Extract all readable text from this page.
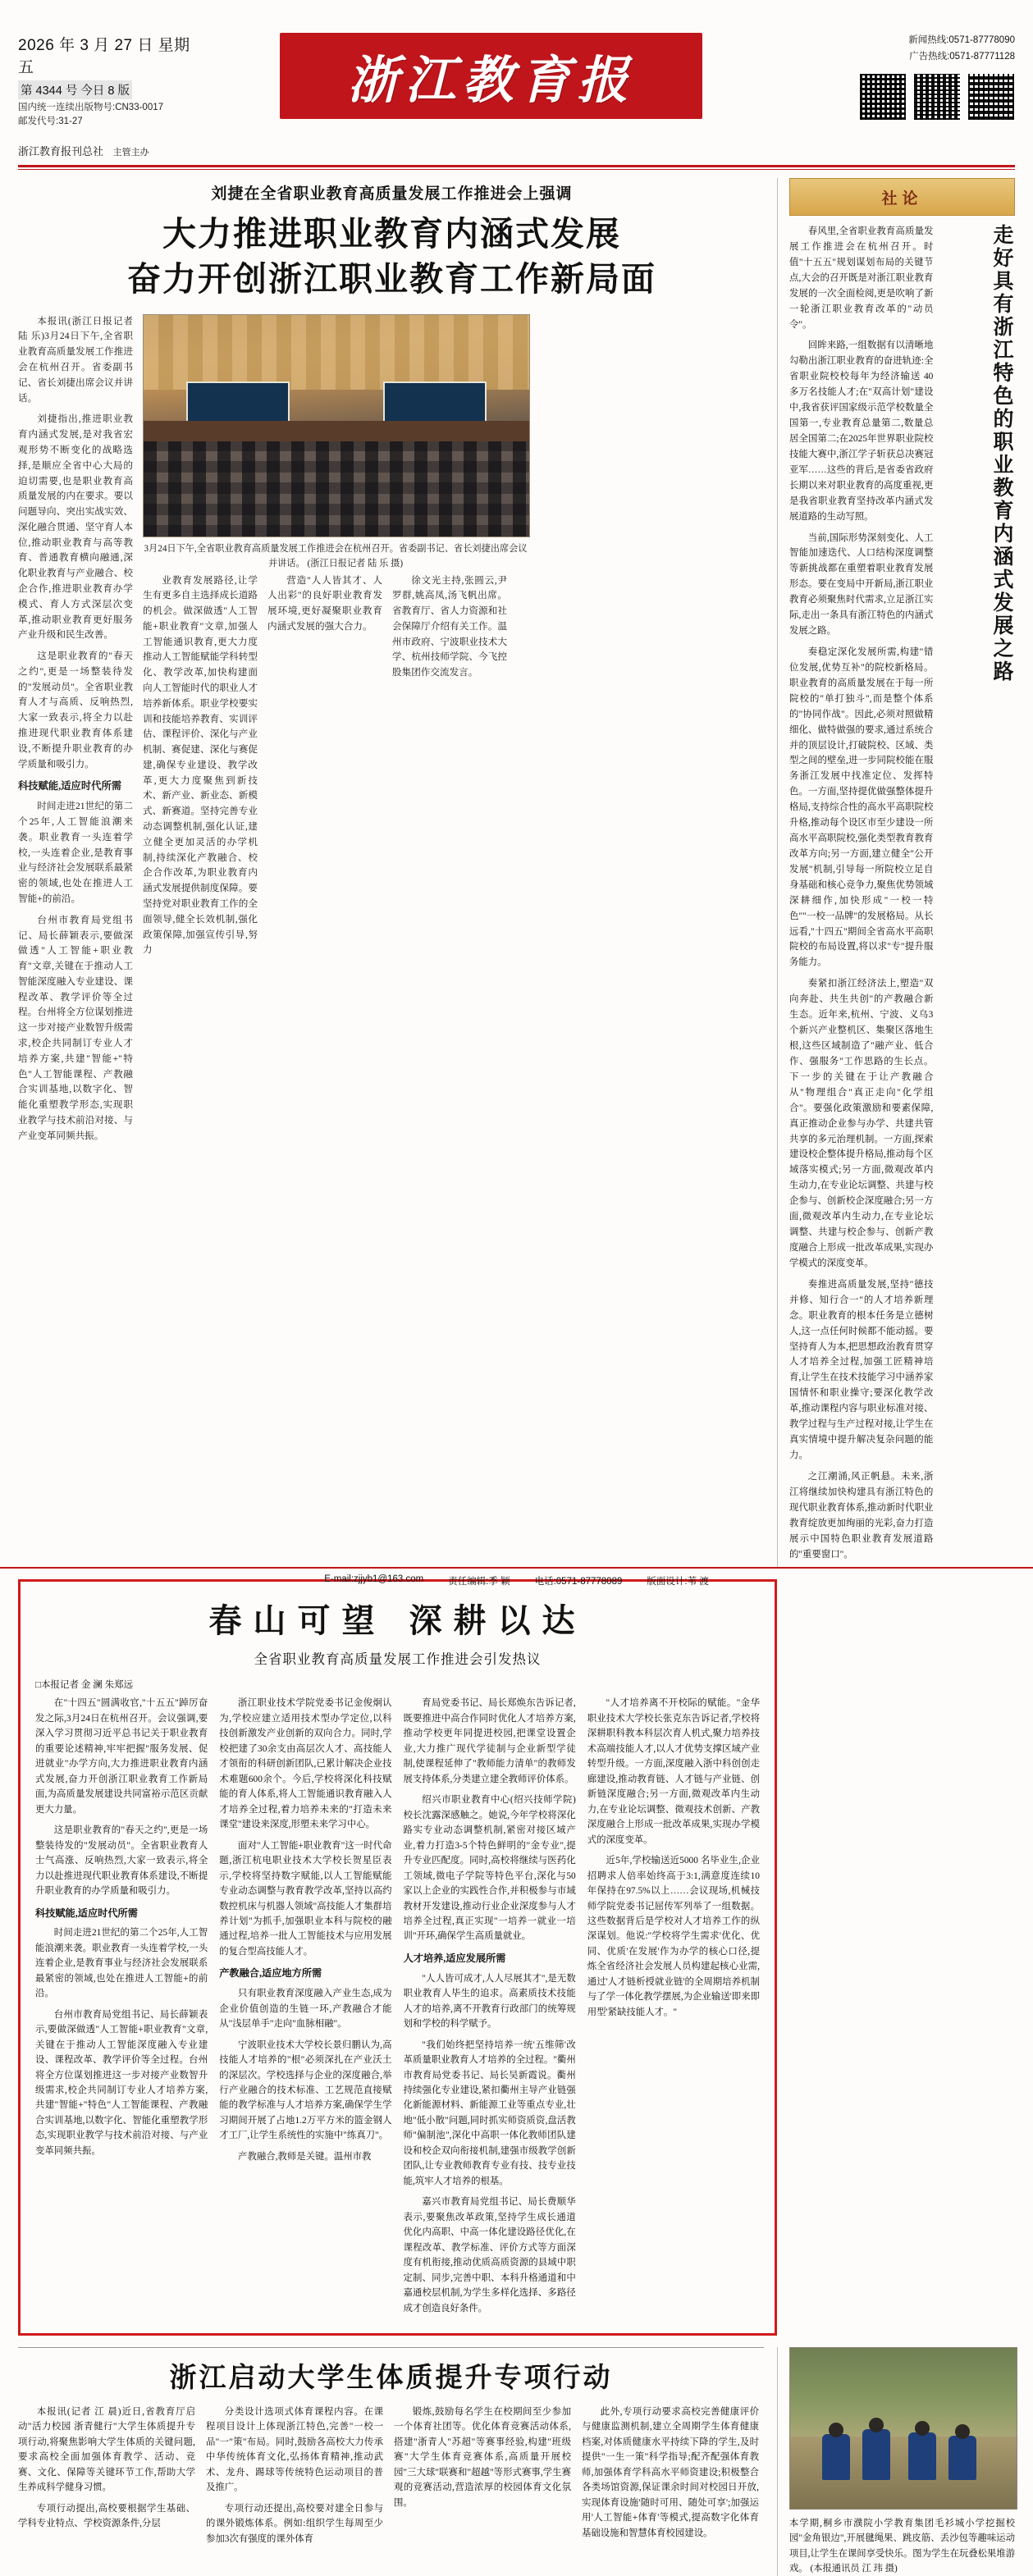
2026 年 3 月 27 日 星期五
第 4344 号 今日 8 版
国内统一连续出版物号:CN33-0017
邮发代号:31-27
浙江教育报
新闻热线:0571-87778090
广告热线:0571-87771128
浙江教育报刊总社 主管主办
刘捷在全省职业教育高质量发展工作推进会上强调
大力推进职业教育内涵式发展
奋力开创浙江职业教育工作新局面

本报讯(浙江日报记者 陆 乐)3月24日下午,全省职业教育高质量发展工作推进会在杭州召开。省委副书记、省长刘捷出席会议并讲话。

刘捷指出,推进职业教育内涵式发展,是对我省宏观形势不断变化的战略选择,是顺应全省中心大局的迫切需要,也是职业教育高质量发展的内在要求。要以问题导向、突出实战实效、深化融合贯通、坚守育人本位,推动职业教育与高等教育、普通教育横向融通,深化职业教育与产业融合、校企合作,推进职业教育办学模式、育人方式深层次变革,推动职业教育更好服务产业升级和民生改善。

这是职业教育的"春天之约",更是一场整装待发的"发展动员"。全省职业教育人才与高质、反响热烈,大家一致表示,将全力以赴推进现代职业教育体系建设,不断提升职业教育的办学质量和吸引力。

科技赋能,适应时代所需

时间走进21世纪的第二个25年,人工智能浪潮来袭。职业教育一头连着学校,一头连着企业,是教育事业与经济社会发展联系最紧密的领域,也处在推进人工智能+的前沿。

台州市教育局党组书记、局长薛颖表示,要做深做透"人工智能+职业教育"文章,关键在于推动人工智能深度融入专业建设、课程改革、教学评价等全过程。台州将全方位谋划推进这一步对接产业数智升级需求,校企共同制订专业人才培养方案,共建"智能+"特色"人工智能课程、产教融合实训基地,以数字化、智能化重塑教学形态,实现职业教学与技术前沿对接、与产业变革同频共振。

3月24日下午,全省职业教育高质量发展工作推进会在杭州召开。省委副书记、省长刘捷出席会议并讲话。 (浙江日报记者 陆 乐 摄)

业教育发展路径,让学生有更多自主选择成长道路的机会。做深做透"人工智能+职业教育"文章,加强人工智能通识教育,更大力度推动人工智能赋能学科转型化、教学改革,加快构建面向人工智能时代的职业人才培养新体系。职业学校要实训和技能培养教育、实训评估、课程评价、深化与产业机制、赛促建、深化与赛促建,确保专业建设、教学改革,更大力度聚焦到新技术、新产业、新业态、新模式、新赛道。坚持完善专业动态调整机制,强化认证,建立健全更加灵活的办学机制,持续深化产教融合、校企合作改革,为职业教育内涵式发展提供制度保障。要坚持党对职业教育工作的全面领导,健全长效机制,强化政策保障,加强宣传引导,努力

营造"人人皆其才、人人出彩"的良好职业教育发展环境,更好凝聚职业教育内涵式发展的强大合力。

徐文光主持,张圆云,尹罗群,姚高凤,汤飞帆出席。省教育厅、省人力资源和社会保障厅介绍有关工作。温州市政府、宁波职业技术大学、杭州技师学院、今飞控股集团作交流发言。

社论

春风里,全省职业教育高质量发展工作推进会在杭州召开。时值"十五五"规划谋划布局的关键节点,大会的召开既是对浙江职业教育发展的一次全面检阅,更是吹响了新一轮浙江职业教育改革的"动员令"。

回眸来路,一组数据有以清晰地勾勒出浙江职业教育的奋进轨迹:全省职业院校校每年为经济输送 40 多万名技能人才;在"双高计划"建设中,我省获评国家级示范学校数量全国第一,专业教育总量第二,数量总居全国第二;在2025年世界职业院校技能大赛中,浙江学子斩获总决赛冠亚军……这些的背后,是省委省政府长期以来对职业教育的高度重视,更是我省职业教育坚持改革内涵式发展道路的生动写照。

当前,国际形势深刻变化、人工智能加速迭代、人口结构深度调整等新挑战都在重塑着职业教育发展形态。要在变局中开新局,浙江职业教育必须聚焦时代需求,立足浙江实际,走出一条具有浙江特色的内涵式发展之路。

奏稳定深化发展所需,构建"错位发展,优势互补"的院校新格局。职业教育的高质量发展在于每一所院校的"单打独斗",而是整个体系的"协同作战"。因此,必须对照做精细化、做特做强的要求,通过系统合并的顶层设计,打破院校、区域、类型之间的壁垒,进一步同院校能在服务浙江发展中找准定位、发挥特色。一方面,坚持提优做强整体提升格局,支持综合性的高水平高职院校升格,推动每个设区市至少建设一所高水平高职院校,强化类型教育教育改革方向;另一方面,建立健全"公开发展"机制,引导每一所院校立足自身基础和核心竞争力,聚焦优势领域深耕细作,加快形成"一校一特色""一校一品牌"的发展格局。从长远看,"十四五"期间全省高水平高职院校的布局设置,将以求"专"提升服务能力。

奏紧扣浙江经济法上,塑造"双向奔赴、共生共创"的产教融合新生态。近年来,杭州、宁波、义乌3个新兴产业整机区、集聚区落地生根,这些区域制造了"融产业、低合作、强服务"工作思路的生长点。下一步的关键在于让产教融合从"物理组合"真正走向"化学组合"。要强化政策激励和要素保障,真正推动企业参与办学、共建共管共享的多元治理机制。一方面,探索建设校企整体提升格局,推动每个区域落实模式;另一方面,微观改革内生动力,在专业论坛调整、共建与校企参与、创新校企深度融合;另一方面,微观改革内生动力,在专业论坛调整、共建与校企参与、创新产教度融合上形成一批改革成果,实现办学模式的深度变革。

奏推进高质量发展,坚持"德技并修、知行合一"的人才培养新理念。职业教育的根本任务是立德树人,这一点任何时候都不能动摇。要坚持育人为本,把思想政治教育贯穿人才培养全过程,加强工匠精神培育,让学生在技术技能学习中涵养家国情怀和职业操守;要深化教学改革,推动课程内容与职业标准对接、教学过程与生产过程对接,让学生在真实情境中提升解决复杂问题的能力。

之江潮涌,风正帆悬。未来,浙江将继续加快构建具有浙江特色的现代职业教育体系,推动新时代职业教育绽放更加绚丽的光彩,奋力打造展示中国特色职业教育发展道路的"重要窗口"。

走好具有浙江特色的职业教育内涵式发展之路
春山可望 深耕以达
全省职业教育高质量发展工作推进会引发热议
□本报记者 金 澜 朱郑远

在"十四五"圆满收官,"十五五"踔厉奋发之际,3月24日在杭州召开。会议强调,要深入学习贯彻习近平总书记关于职业教育的重要论述精神,牢牢把握"服务发展、促进就业"办学方向,大力推进职业教育内涵式发展,奋力开创浙江职业教育工作新局面,为高质量发展建设共同富裕示范区贡献更大力量。

这是职业教育的"春天之约",更是一场整装待发的"发展动员"。全省职业教育人士气高涨、反响热烈,大家一致表示,将全力以赴推进现代职业教育体系建设,不断提升职业教育的办学质量和吸引力。

科技赋能,适应时代所需

时间走进21世纪的第二个25年,人工智能浪潮来袭。职业教育一头连着学校,一头连着企业,是教育事业与经济社会发展联系最紧密的领域,也处在推进人工智能+的前沿。

台州市教育局党组书记、局长薛颖表示,要做深做透"人工智能+职业教育"文章,关键在于推动人工智能深度融入专业建设、课程改革、教学评价等全过程。台州将全方位谋划推进这一步对接产业数智升级需求,校企共同制订专业人才培养方案,共建"智能+"特色"人工智能课程、产教融合实训基地,以数字化、智能化重塑教学形态,实现职业教学与技术前沿对接、与产业变革同频共振。

浙江职业技术学院党委书记金俊炯认为,学校应建立适用技术型办学定位,以科技创新激发产业创新的双向合力。同时,学校把建了30余支由高层次人才、高技能人才领衔的科研创新团队,已累计解决企业技术难题600余个。今后,学校将深化科技赋能的育人体系,将人工智能通识教育融入人才培养全过程,着力培养未来的"打造未来课堂"建设来深度,形塑未来学习中心。

面对"人工智能+职业教育"这一时代命题,浙江杭电职业技术大学校长贺星臣表示,学校将坚持数字赋能,以人工智能赋能专业动态调整与教育教学改革,坚持以高约数控机床与机器人领域"高技能人才集群培养计划"为抓手,加强职业本科与院校的融通过程,培养一批人工智能技术与应用发展的复合型高技能人才。

产教融合,适应地方所需

只有职业教育深度融入产业生态,成为企业价值创造的生链一环,产教融合才能从"浅层单手"走向"血脉相融"。

宁波职业技术大学校长景归鹏认为,高技能人才培养的"根"必须深扎在产业沃土的深层次。学校选择与企业的深度融合,举行产业融合的技术标准、工艺规范直接赋能的教学标准与人才培养方案,确保学生学习期间开展了占地1.2万平方米的篮金钢人才工厂,让学生系统性的实施中"练真刀"。

产教融合,教师是关键。温州市教

育局党委书记、局长郑焕东告诉记者,既要推进中高合作同时优化人才培养方案,推动学校更年同提进校园,把课堂设置企业,大力推广现代学徒制与企业新型学徒制,使课程延伸了"教师能力清单"的教师发展支持体系,分类建立建全教师评价体系。

绍兴市职业教育中心(绍兴技师学院)校长沈露深感触之。她说,今年学校将深化路实专业动态调整机制,紧密对接区域产业,着力打造3-5个特色鲜明的"金专业",提升专业匹配度。同时,高校将继续与医药化工领域,微电子学院等特色平台,深化与50家以上企业的实践性合作,并积极参与市域教材开发建设,推动行业企业深度参与人才培养全过程,真正实现"一培养一就业一培训"开环,确保学生高质量就业。

人才培养,适应发展所需

"人人皆可成才,人人尽展其才",是无数职业教育人毕生的追求。高素质技术技能人才的培养,离不开教育行政部门的统筹规划和学校的科学赋予。

"我们始终把坚持培养一统'五维筛'改革质量职业教育人才培养的全过程。"衢州市教育局党委书记、局长吴新霞说。衢州持续强化专业建设,紧扣衢州主导产业链强化新能源材料、新能源工业等重点专业,壮地"低小散"问题,同时抓实师资质资,盘活教师"偏制池",深化中高职一体化教师团队建设和校企双向衔接机制,建强市级教学创新团队,让专业教师教育专业有技、技专业技能,筑牢人才培养的根基。

嘉兴市教育局党组书记、局长费顺华表示,要聚焦改革政策,坚持学生成长通道优化内高职、中高一体化建设路径优化,在课程改革、教学标准、评价方式等方面深度有机衔接,推动优质高质资源的县域中职定制、同步,完善中职、本科升格通道和中嘉通校层机制,为学生多样化选择、多路径成才创造良好条件。

"人才培养离不开校际的赋能。"金华职业技术大学校长张克东告诉记者,学校将深耕职科教本科层次育人机式,聚力培养技术高端技能人才,以人才优势支撑区域产业转型升级。一方面,深度融入浙中科创创走廊建设,推动教育链、人才链与产业链、创新链深度融合;另一方面,微观改革内生动力,在专业论坛调整、微观技术创新、产教深度融合上形成一批改革成果,实现办学模式的深度变革。

近5年,学校输送近5000 名毕业生,企业招聘求人倍率始终高于3:1,满意度连续10年保持在97.5%以上……会议现场,机械技师学院党委书记屈传军列举了一组数据。这些数据背后是学校对人才培养工作的纵深谋划。他说:"学校将学生需求'优化、优同、优质'在发展'作为办学的核心口径,提炼全省经济社会发展人员构建起核心业需,通过'人才链析授就业链'的全周期培养机制与了学一体化教学摆展,为企业输送'即来即用型'紧缺技能人才。"

浙江启动大学生体质提升专项行动

本报讯(记者 江 晨)近日,省教育厅启动"活力校园 浙青健行"大学生体质提升专项行动,将聚焦影响大学生体质的关键问题,要求高校全面加强体育教学、活动、竞赛、文化、保障等关键环节工作,帮助大学生养成科学健身习惯。

专项行动提出,高校要根据学生基础、学科专业特点、学校资源条件,分层

分类设计选项式体育课程内容。在课程项目设计上体现浙江特色,完善"一校一品"一"策"布局。同时,鼓励各高校大力传承中华传统体育文化,弘扬体育精神,推动武术、龙舟、踢球等传统特色运动项目的普及推广。

专项行动还提出,高校要对建全日参与的课外锻炼体系。例如:组织学生每周至少参加3次有强度的课外体育

锻炼,鼓励每名学生在校期间至少参加一个体育社团等。优化体育竞赛活动体系,搭建"浙青人"苏超"等赛事经验,构建"班级赛"大学生体育竞赛体系,高质量开展校园"三大球"联赛和"超越"等形式赛事,学生赛观的竞赛活动,营造浓厚的校园体育文化氛围。

此外,专项行动要求高校完善健康评价与健康监测机制,建立全周期学生体育健康档案,对体质健康水平持续下降的学生,及时提供"一生一策"科学指导;配齐配强体育教师,加强体育学科高水平师资建设;积极整合各类场馆资源,保证课余时间对校园日开放,实现体育设施'随时可用、随处可享';加强运用'人工智能+体育'等模式,提高数字化体育基础设施和智慧体育校园建设。

本学期,桐乡市濮院小学教育集团毛衫城小学挖掘校园"金角银边",开展毽绳果、跳皮筋、丢沙包等趣味运动项目,让学生在课间享受快乐。图为学生在玩叠松果堆游戏。 (本报通讯员 江 玮 摄)
E-mail:zjjyb1@163.com	责任编辑:季 颖	电话:0571-87778089	版面设计:苇 渡
